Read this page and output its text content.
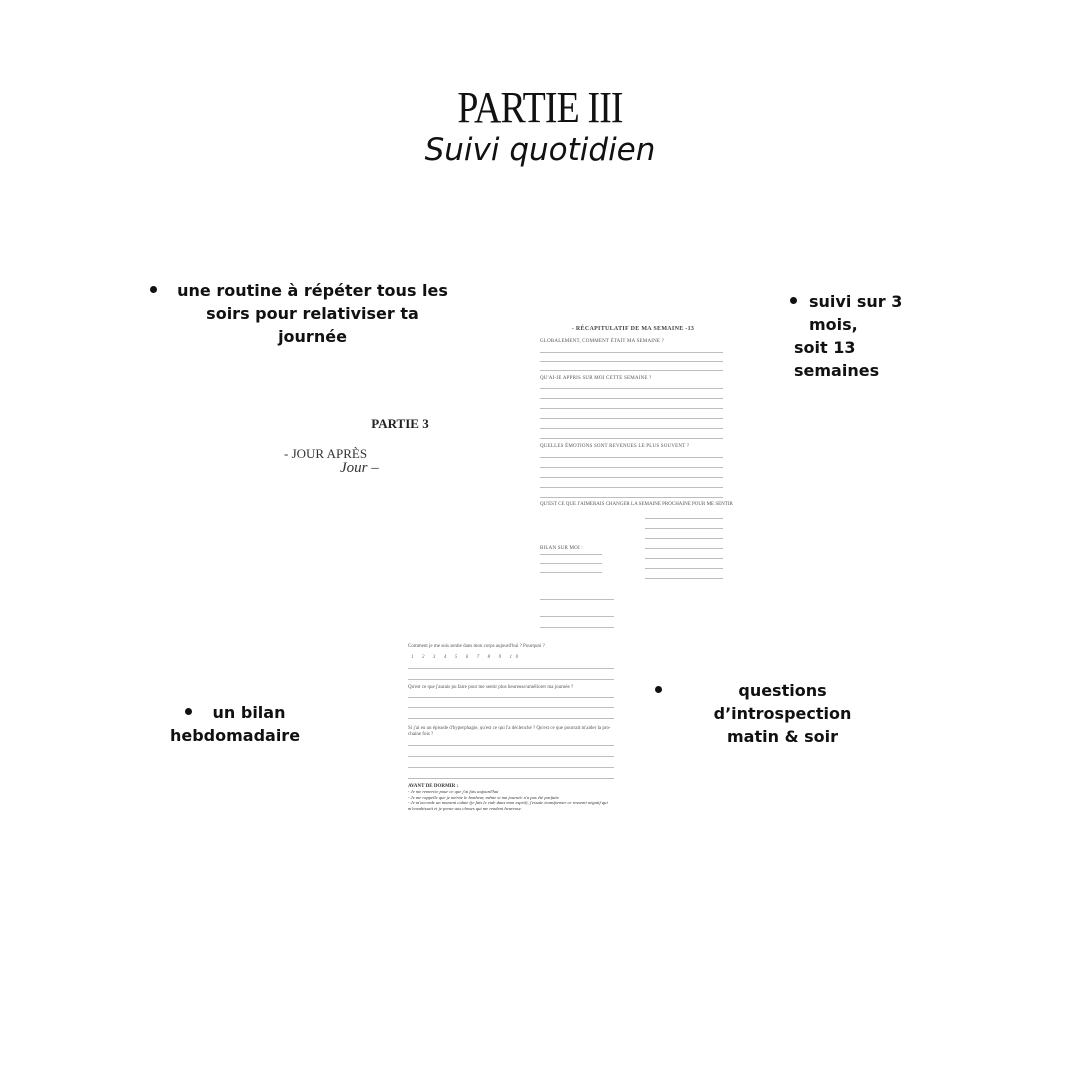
PARTIE III
Suivi quotidien
une routine à répéter tous les
soirs pour relativiser ta journée
suivi sur 3 mois,
soit 13 semaines
un bilan
hebdomadaire
questions d’introspection
matin & soir
PARTIE 3
- JOUR APRÈS
Jour –
- RÉCAPITULATIF DE MA SEMAINE -13
GLOBALEMENT, COMMENT ÉTAIT MA SEMAINE ?
QU'AI-JE APPRIS SUR MOI CETTE SEMAINE ?
QUELLES ÉMOTIONS SONT REVENUES LE PLUS SOUVENT ?
QU'EST CE QUE J'AIMERAIS CHANGER LA SEMAINE PROCHAINE POUR ME SENTIR
BILAN SUR MOI :
Comment je me suis sentie dans mon corps aujourd'hui ? Pourquoi ?
1 2 3 4 5 6 7 8 9 10
Qu'est ce que j'aurais pu faire pour me sentir plus heureuse/améliorer ma journée ?
Si j'ai eu un épisode d'hyperphagie, qu'est ce qui l'a déclenché ? Qu'est ce que pourrait m'aider la pro-
chaine fois ?
AVANT DE DORMIR :
- Je me remercie pour ce que j'ai fais aujourd'hui
- Je me rappelle que je mérite le bonheur, même si ma journée n'a pas été parfaite
- Je m'accorde un moment calme (je fais le vide dans mon esprit), j'essaie transformer ce ressenti négatif qui
m'envahissait et je pense aux choses qui me rendent heureuse.
